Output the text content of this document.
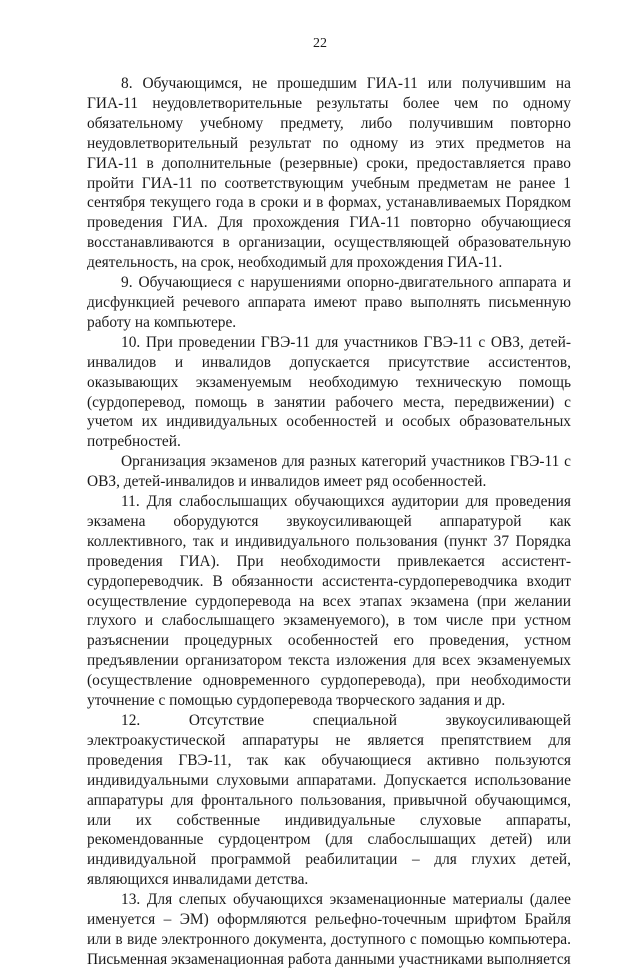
22

8. Обучающимся, не прошедшим ГИА-11 или получившим на ГИА-11 неудовлетворительные результаты более чем по одному обязательному учебному предмету, либо получившим повторно неудовлетворительный результат по одному из этих предметов на ГИА-11 в дополнительные (резервные) сроки, предоставляется право пройти ГИА-11 по соответствующим учебным предметам не ранее 1 сентября текущего года в сроки и в формах, устанавливаемых Порядком проведения ГИА. Для прохождения ГИА-11 повторно обучающиеся восстанавливаются в организации, осуществляющей образовательную деятельность, на срок, необходимый для прохождения ГИА-11.

9. Обучающиеся с нарушениями опорно-двигательного аппарата и дисфункцией речевого аппарата имеют право выполнять письменную работу на компьютере.

10. При проведении ГВЭ-11 для участников ГВЭ-11 с ОВЗ, детей-инвалидов и инвалидов допускается присутствие ассистентов, оказывающих экзаменуемым необходимую техническую помощь (сурдоперевод, помощь в занятии рабочего места, передвижении) с учетом их индивидуальных особенностей и особых образовательных потребностей.

Организация экзаменов для разных категорий участников ГВЭ-11 с ОВЗ, детей-инвалидов и инвалидов имеет ряд особенностей.

11. Для слабослышащих обучающихся аудитории для проведения экзамена оборудуются звукоусиливающей аппаратурой как коллективного, так и индивидуального пользования (пункт 37 Порядка проведения ГИА). При необходимости привлекается ассистент-сурдопереводчик. В обязанности ассистента-сурдопереводчика входит осуществление сурдоперевода на всех этапах экзамена (при желании глухого и слабослышащего экзаменуемого), в том числе при устном разъяснении процедурных особенностей его проведения, устном предъявлении организатором текста изложения для всех экзаменуемых (осуществление одновременного сурдоперевода), при необходимости уточнение с помощью сурдоперевода творческого задания и др.

12. Отсутствие специальной звукоусиливающей электроакустической аппаратуры не является препятствием для проведения ГВЭ-11, так как обучающиеся активно пользуются индивидуальными слуховыми аппаратами. Допускается использование аппаратуры для фронтального пользования, привычной обучающимся, или их собственные индивидуальные слуховые аппараты, рекомендованные сурдоцентром (для слабослышащих детей) или индивидуальной программой реабилитации – для глухих детей, являющихся инвалидами детства.

13. Для слепых обучающихся экзаменационные материалы (далее именуется – ЭМ) оформляются рельефно-точечным шрифтом Брайля или в виде электронного документа, доступного с помощью компьютера. Письменная экзаменационная работа данными участниками выполняется
